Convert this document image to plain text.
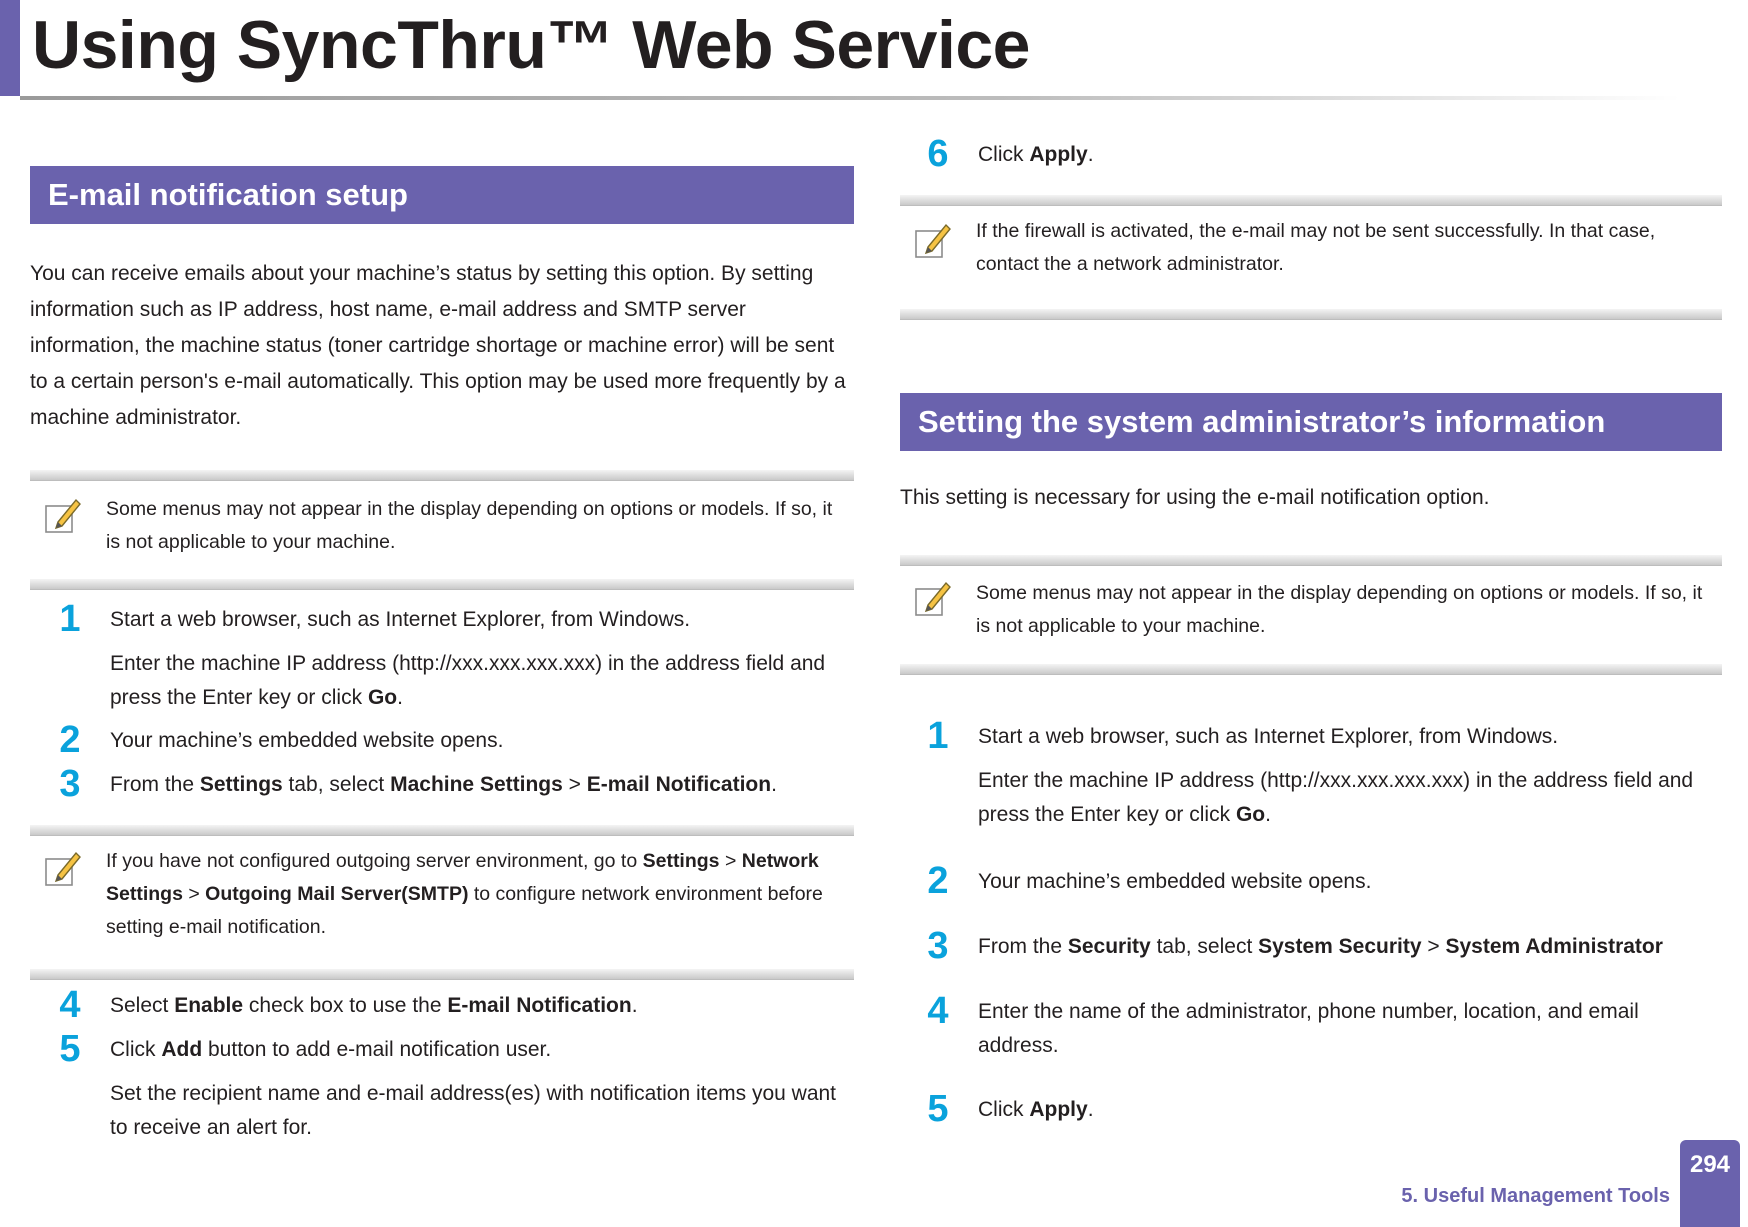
Using SyncThru™ Web Service
E-mail notification setup

You can receive emails about your machine’s status by setting this option. By setting information such as IP address, host name, e-mail address and SMTP server information, the machine status (toner cartridge shortage or machine error) will be sent to a certain person's e-mail automatically. This option may be used more frequently by a machine administrator.

Some menus may not appear in the display depending on options or models. If so, it is not applicable to your machine.
1	Start a web browser, such as Internet Explorer, from Windows.

Enter the machine IP address (http://xxx.xxx.xxx.xxx) in the address field and press the Enter key or click Go.

2	Your machine’s embedded website opens.

3	From the Settings tab, select Machine Settings > E-mail Notification.

If you have not configured outgoing server environment, go to Settings > Network Settings > Outgoing Mail Server(SMTP) to configure network environment before setting e-mail notification.
4	Select Enable check box to use the E-mail Notification.

5	Click Add button to add e-mail notification user.

Set the recipient name and e-mail address(es) with notification items you want to receive an alert for.

6	Click Apply.

If the firewall is activated, the e-mail may not be sent successfully. In that case, contact the a network administrator.
Setting the system administrator’s information

This setting is necessary for using the e-mail notification option.

Some menus may not appear in the display depending on options or models. If so, it is not applicable to your machine.
1	Start a web browser, such as Internet Explorer, from Windows.

Enter the machine IP address (http://xxx.xxx.xxx.xxx) in the address field and press the Enter key or click Go.

2	Your machine’s embedded website opens.

3	From the Security tab, select System Security > System Administrator

4	Enter the name of the administrator, phone number, location, and email address.

5	Click Apply.

5. Useful Management Tools
294
